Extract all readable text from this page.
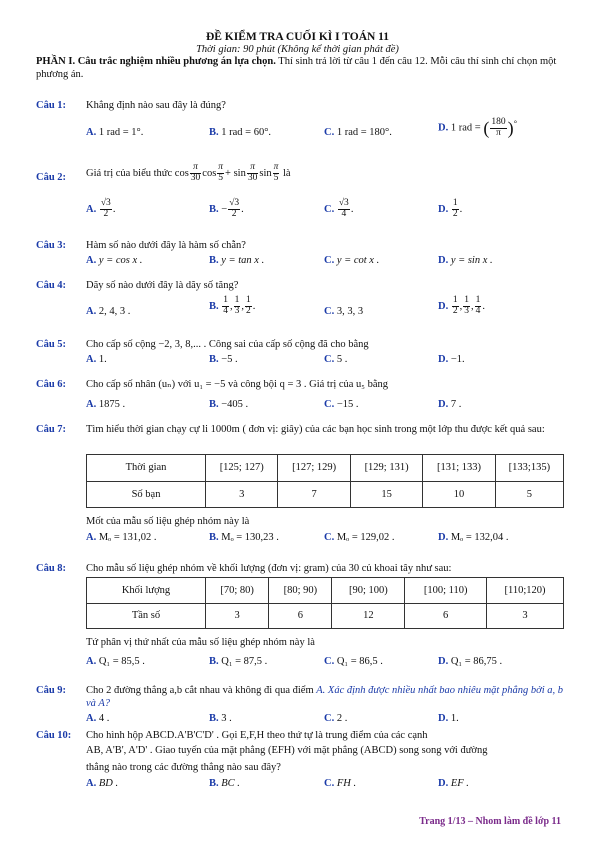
ĐỀ KIỂM TRA CUỐI KÌ I TOÁN 11
Thời gian: 90 phút (Không kể thời gian phát đề)
PHẦN I. Câu trắc nghiệm nhiều phương án lựa chọn. Thí sinh trả lời từ câu 1 đến câu 12. Mỗi câu thí sinh chỉ chọn một phương án.
Câu 1: Khẳng định nào sau đây là đúng?
A. 1 rad = 1°.	B. 1 rad = 60°.	C. 1 rad = 180°.	D. 1 rad = ( $\frac{180}{\pi} )^\circ$
Câu 2: Giá trị của biểu thức $\cos \frac{\pi}{30}$ $\cos \frac{\pi}{5} + \sin \frac{\pi}{30}$ $\sin \frac{\pi}{5}$ là
A. $\frac{√3}{2}$ .	B. − $\frac{√3}{2}$ .	C. $\frac{√3}{4}$ .	D. $\frac{1}{2}$ .
Câu 3: Hàm số nào dưới đây là hàm số chẵn?
A. y = cos x .	B. y = tan x .	C. y = cot x .	D. y = sin x .
Câu 4: Dãy số nào dưới đây là dãy số tăng?
A. 2, 4, 3 .	B. $\frac{1}{4}$ , $\frac{1}{3}$ , $\frac{1}{2}$ .	C. 3, 3, 3	D. $\frac{1}{2}$ , $\frac{1}{3}$ , $\frac{1}{4}$ .
Câu 5: Cho cấp số cộng −2, 3, 8,... . Công sai của cấp số cộng đã cho bằng
A. 1.	B. −5 .	C. 5 .	D. −1.
Câu 6: Cho cấp số nhân (uₙ) với u₁ = −5 và công bội q = 3 . Giá trị của u₅ bằng
A. 1875 .	B. −405 .	C. −15 .	D. 7 .
Câu 7: Tìm hiểu thời gian chạy cự li 1000m ( đơn vị: giây) của các bạn học sinh trong một lớp thu được kết quả sau:
Thời gian	[125; 127)	[127; 129)	[129; 131)	[131; 133)	[133;135)
Số bạn	3	7	15	10	5
Mốt của mẫu số liệu ghép nhóm này là
A. Mₒ = 131,02 .	B. Mₒ = 130,23 .	C. Mₒ = 129,02 .	D. Mₒ = 132,04 .
Câu 8: Cho mẫu số liệu ghép nhóm về khối lượng (đơn vị: gram) của 30 củ khoai tây như sau:
Khối lượng	[70; 80)	[80; 90)	[90; 100)	[100; 110)	[110;120)
Tần số	3	6	12	6	3
Tứ phân vị thứ nhất của mẫu số liệu ghép nhóm này là
A. Q₁ = 85,5 .	B. Q₁ = 87,5 .	C. Q₁ = 86,5 .	D. Q₁ = 86,75 .
Câu 9: Cho 2 đường thẳng a,b cắt nhau và không đi qua điểm A. Xác định được nhiều nhất bao nhiêu mặt phẳng bởi a, b và A?
A. 4 .	B. 3 .	C. 2 .	D. 1.
Câu 10: Cho hình hộp ABCD.A'B'C'D' . Gọi E,F,H theo thứ tự là trung điểm của các cạnh
AB, A'B', A'D' . Giao tuyến của mặt phẳng (EFH) với mặt phẳng (ABCD) song song với đường
thẳng nào trong các đường thẳng nào sau đây?
A. BD .	B. BC .	C. FH .	D. EF .
Trang 1/13 – Nhom làm đề lớp 11
